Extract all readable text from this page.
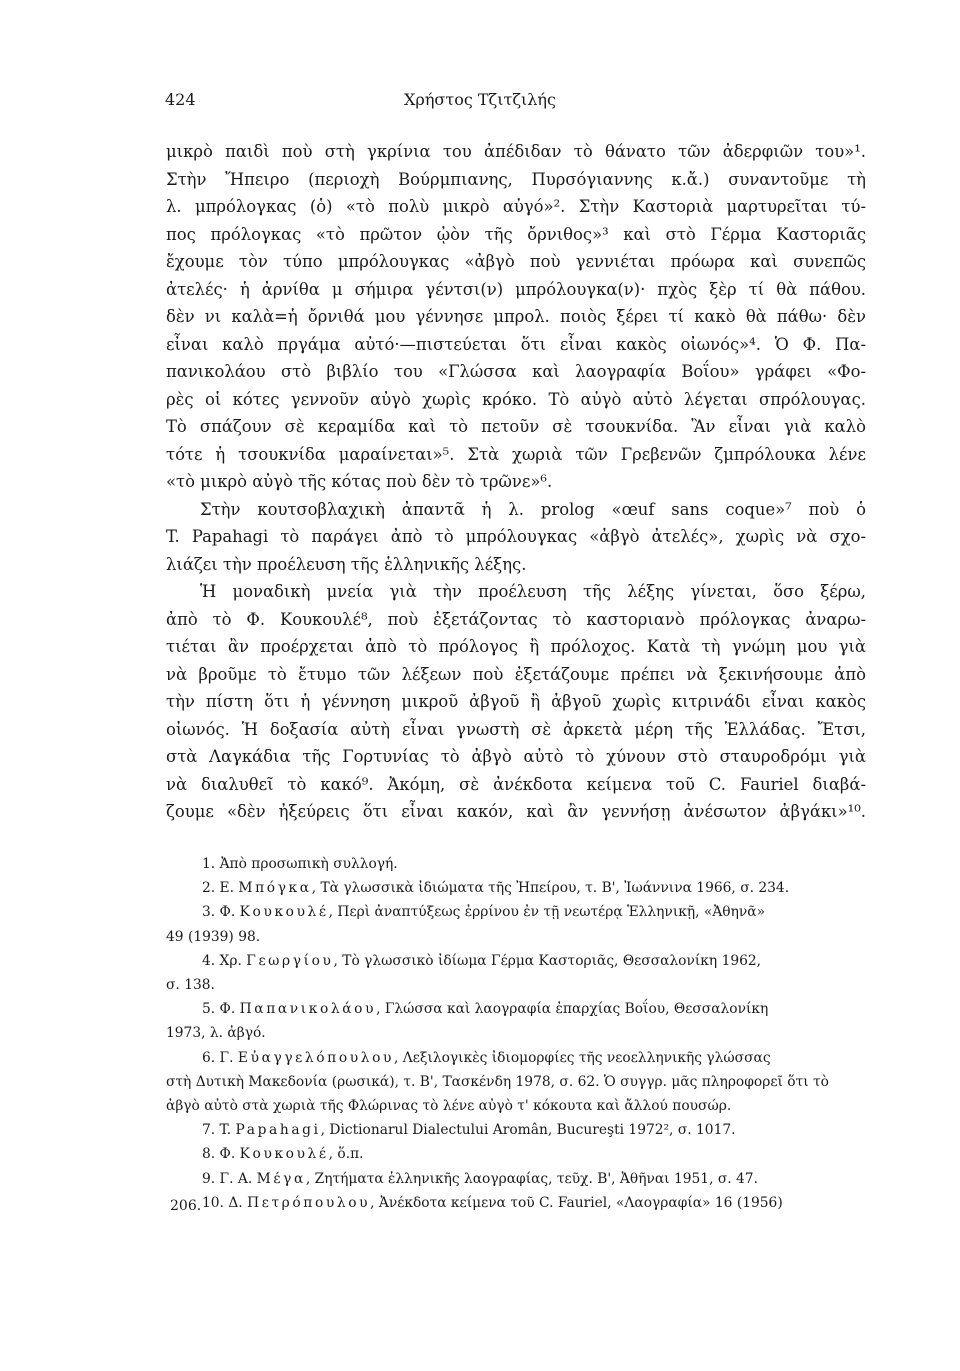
424	Χρήστος Τζιτζιλής
μικρὸ παιδὶ ποὺ στὴ γκρίνια του ἀπέδιδαν τὸ θάνατο τῶν ἀδερφιῶν του»¹.
Στὴν Ἤπειρο (περιοχὴ Βούρμπιανης, Πυρσόγιαννης κ.ἄ.) συναντοῦμε τὴ
λ. μπρόλογκας (ὁ) «τὸ πολὺ μικρὸ αὐγό»². Στὴν Καστοριὰ μαρτυρεῖται τύ-
πος πρόλογκας «τὸ πρῶτον ᾠὸν τῆς ὄρνιθος»³ καὶ στὸ Γέρμα Καστοριᾶς
ἔχουμε τὸν τύπο μπρόλουγκας «ἀβγὸ ποὺ γεννιέται πρόωρα καὶ συνεπῶς
ἀτελές· ἡ ἀρνίθα μ σήμιρα γέντσι(ν) μπρόλουγκα(ν)· πχὸς ξὲρ τί θὰ πάθου.
δὲν νι καλὰ=ἡ ὄρνιθά μου γέννησε μπρολ. ποιὸς ξέρει τί κακὸ θὰ πάθω· δὲν
εἶναι καλὸ πργάμα αὐτό·—πιστεύεται ὅτι εἶναι κακὸς οἰωνός»⁴. Ὁ Φ. Πα-
πανικολάου στὸ βιβλίο του «Γλώσσα καὶ λαογραφία Βοΐου» γράφει «Φο-
ρὲς οἱ κότες γεννοῦν αὐγὸ χωρὶς κρόκο. Τὸ αὐγὸ αὐτὸ λέγεται σπρόλουγας.
Τὸ σπάζουν σὲ κεραμίδα καὶ τὸ πετοῦν σὲ τσουκνίδα. Ἂν εἶναι γιὰ καλὸ
τότε ἡ τσουκνίδα μαραίνεται»⁵. Στὰ χωριὰ τῶν Γρεβενῶν ζμπρόλουκα λένε
«τὸ μικρὸ αὐγὸ τῆς κότας ποὺ δὲν τὸ τρῶνε»⁶.
Στὴν κουτσοβλαχικὴ ἀπαντᾶ ἡ λ. prolog «œuf sans coque»⁷ ποὺ ὁ
T. Papahagi τὸ παράγει ἀπὸ τὸ μπρόλουγκας «ἀβγὸ ἀτελές», χωρὶς νὰ σχο-
λιάζει τὴν προέλευση τῆς ἑλληνικῆς λέξης.
Ἡ μοναδικὴ μνεία γιὰ τὴν προέλευση τῆς λέξης γίνεται, ὅσο ξέρω,
ἀπὸ τὸ Φ. Κουκουλέ⁸, ποὺ ἐξετάζοντας τὸ καστοριανὸ πρόλογκας ἀναρω-
τιέται ἂν προέρχεται ἀπὸ τὸ πρόλογος ἢ πρόλοχος. Κατὰ τὴ γνώμη μου γιὰ
νὰ βροῦμε τὸ ἔτυμο τῶν λέξεων ποὺ ἐξετάζουμε πρέπει νὰ ξεκινήσουμε ἀπὸ
τὴν πίστη ὅτι ἡ γέννηση μικροῦ ἀβγοῦ ἢ ἀβγοῦ χωρὶς κιτρινάδι εἶναι κακὸς
οἰωνός. Ἡ δοξασία αὐτὴ εἶναι γνωστὴ σὲ ἀρκετὰ μέρη τῆς Ἑλλάδας. Ἔτσι,
στὰ Λαγκάδια τῆς Γορτυνίας τὸ ἀβγὸ αὐτὸ τὸ χύνουν στὸ σταυροδρόμι γιὰ
νὰ διαλυθεῖ τὸ κακό⁹. Ἀκόμη, σὲ ἀνέκδοτα κείμενα τοῦ C. Fauriel διαβά-
ζουμε «δὲν ἠξεύρεις ὅτι εἶναι κακόν, καὶ ἂν γεννήσῃ ἀνέσωτον ἀβγάκι»¹⁰.
1. Ἀπὸ προσωπικὴ συλλογή.
2. Ε. Μπόγκα, Τὰ γλωσσικὰ ἰδιώματα τῆς Ἠπείρου, τ. Β', Ἰωάννινα 1966, σ. 234.
3. Φ. Κουκουλέ, Περὶ ἀναπτύξεως ἐρρίνου ἐν τῇ νεωτέρᾳ Ἑλληνικῇ, «Ἀθηνᾶ»
49 (1939) 98.
4. Χρ. Γεωργίου, Τὸ γλωσσικὸ ἰδίωμα Γέρμα Καστοριᾶς, Θεσσαλονίκη 1962,
σ. 138.
5. Φ. Παπανικολάου, Γλώσσα καὶ λαογραφία ἐπαρχίας Βοΐου, Θεσσαλονίκη
1973, λ. ἀβγό.
6. Γ. Εὐαγγελόπουλου, Λεξιλογικὲς ἰδιομορφίες τῆς νεοελληνικῆς γλώσσας
στὴ Δυτικὴ Μακεδονία (ρωσικά), τ. Β', Τασκένδη 1978, σ. 62. Ὁ συγγρ. μᾶς πληροφορεῖ ὅτι τὸ ἀβγὸ αὐτὸ στὰ χωριὰ τῆς Φλώρινας τὸ λένε αὐγὸ τ' κόκουτα καὶ ἄλλού πουσώρ.
7. T. Papahagi, Dictionarul Dialectului Aromân, Bucureşti 1972², σ. 1017.
8. Φ. Κουκουλέ, ὅ.π.
9. Γ. Α. Μέγα, Ζητήματα ἑλληνικῆς λαογραφίας, τεῦχ. Β', Ἀθῆναι 1951, σ. 47.
10. Δ. Πετρόπουλου, Ἀνέκδοτα κείμενα τοῦ C. Fauriel, «Λαογραφία» 16 (1956)
206.
